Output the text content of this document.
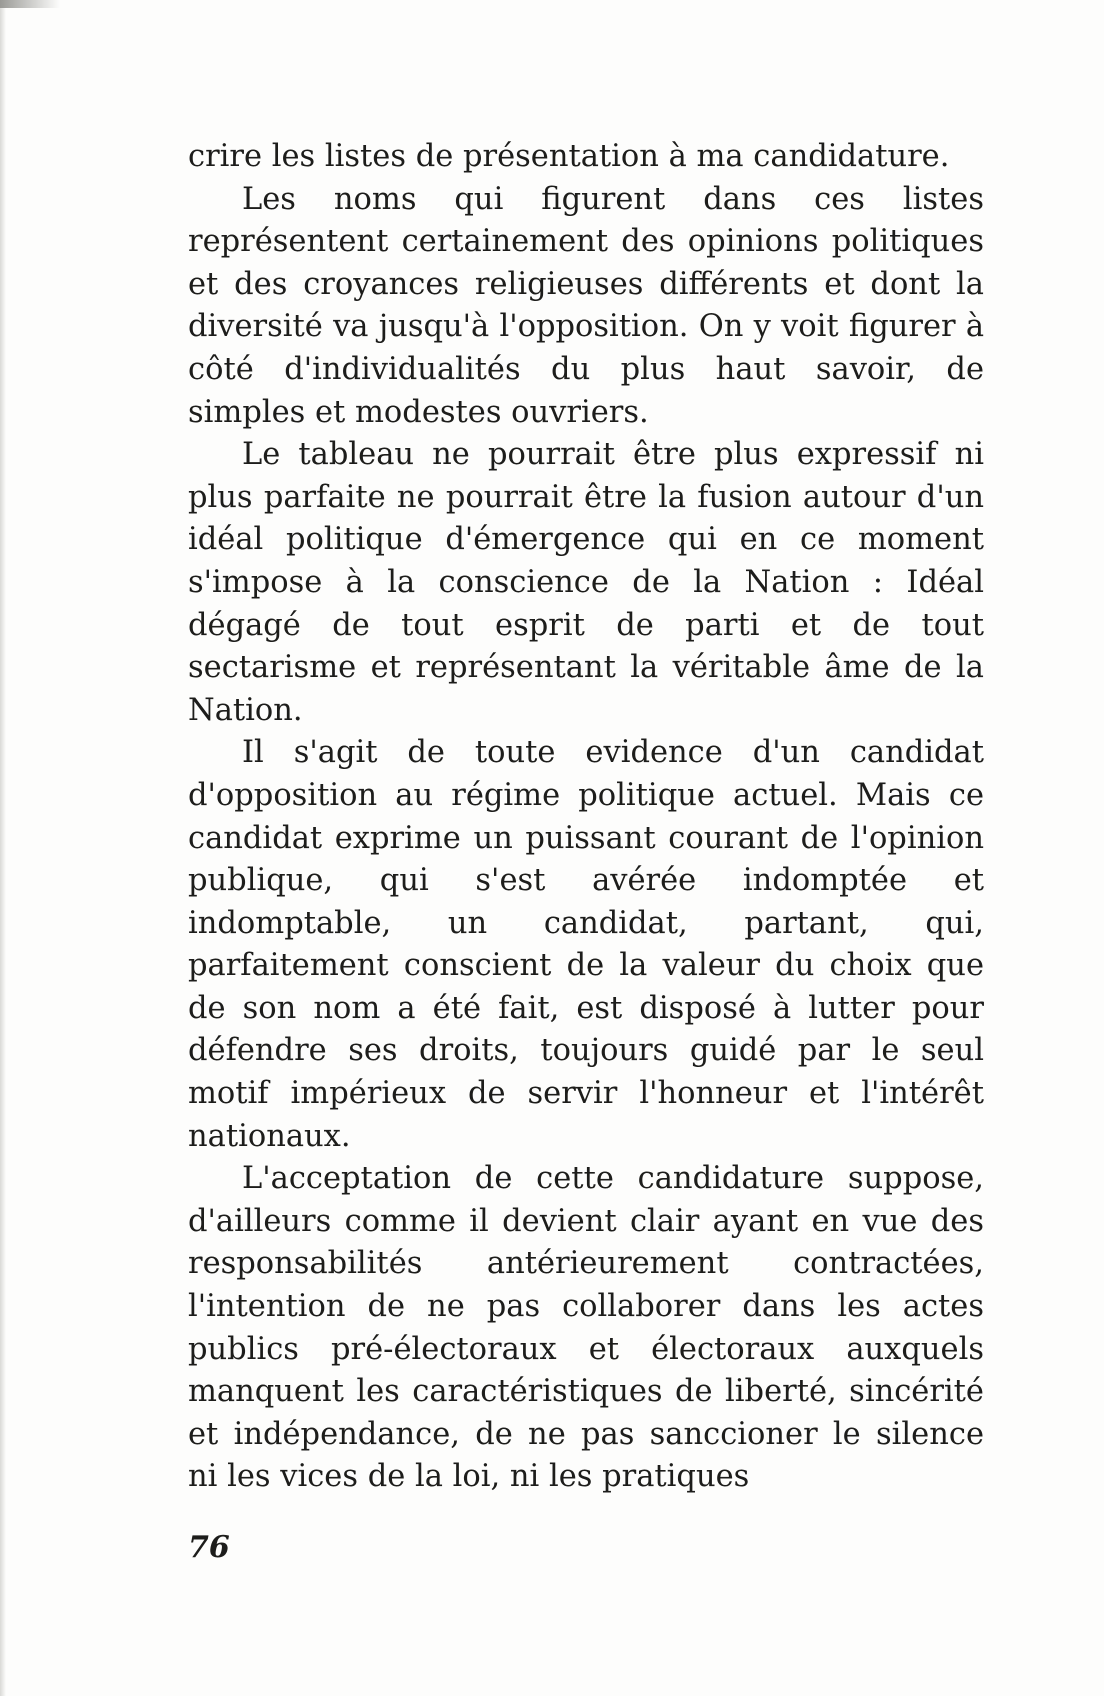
crire les listes de présentation à ma candidature.

Les noms qui figurent dans ces listes représentent certainement des opinions politiques et des croyances religieuses différents et dont la diversité va jusqu'à l'opposition. On y voit figurer à côté d'individualités du plus haut savoir, de simples et modestes ouvriers.

Le tableau ne pourrait être plus expressif ni plus parfaite ne pourrait être la fusion autour d'un idéal politique d'émergence qui en ce moment s'impose à la conscience de la Nation : Idéal dégagé de tout esprit de parti et de tout sectarisme et représentant la véritable âme de la Nation.

Il s'agit de toute evidence d'un candidat d'opposition au régime politique actuel. Mais ce candidat exprime un puissant courant de l'opinion publique, qui s'est avérée indomptée et indomptable, un candidat, partant, qui, parfaitement conscient de la valeur du choix que de son nom a été fait, est disposé à lutter pour défendre ses droits, toujours guidé par le seul motif impérieux de servir l'honneur et l'intérêt nationaux.

L'acceptation de cette candidature suppose, d'ailleurs comme il devient clair ayant en vue des responsabilités antérieurement contractées, l'intention de ne pas collaborer dans les actes publics pré-électoraux et électoraux auxquels manquent les caractéristiques de liberté, sincérité et indépendance, de ne pas sanccioner le silence ni les vices de la loi, ni les pratiques

76
